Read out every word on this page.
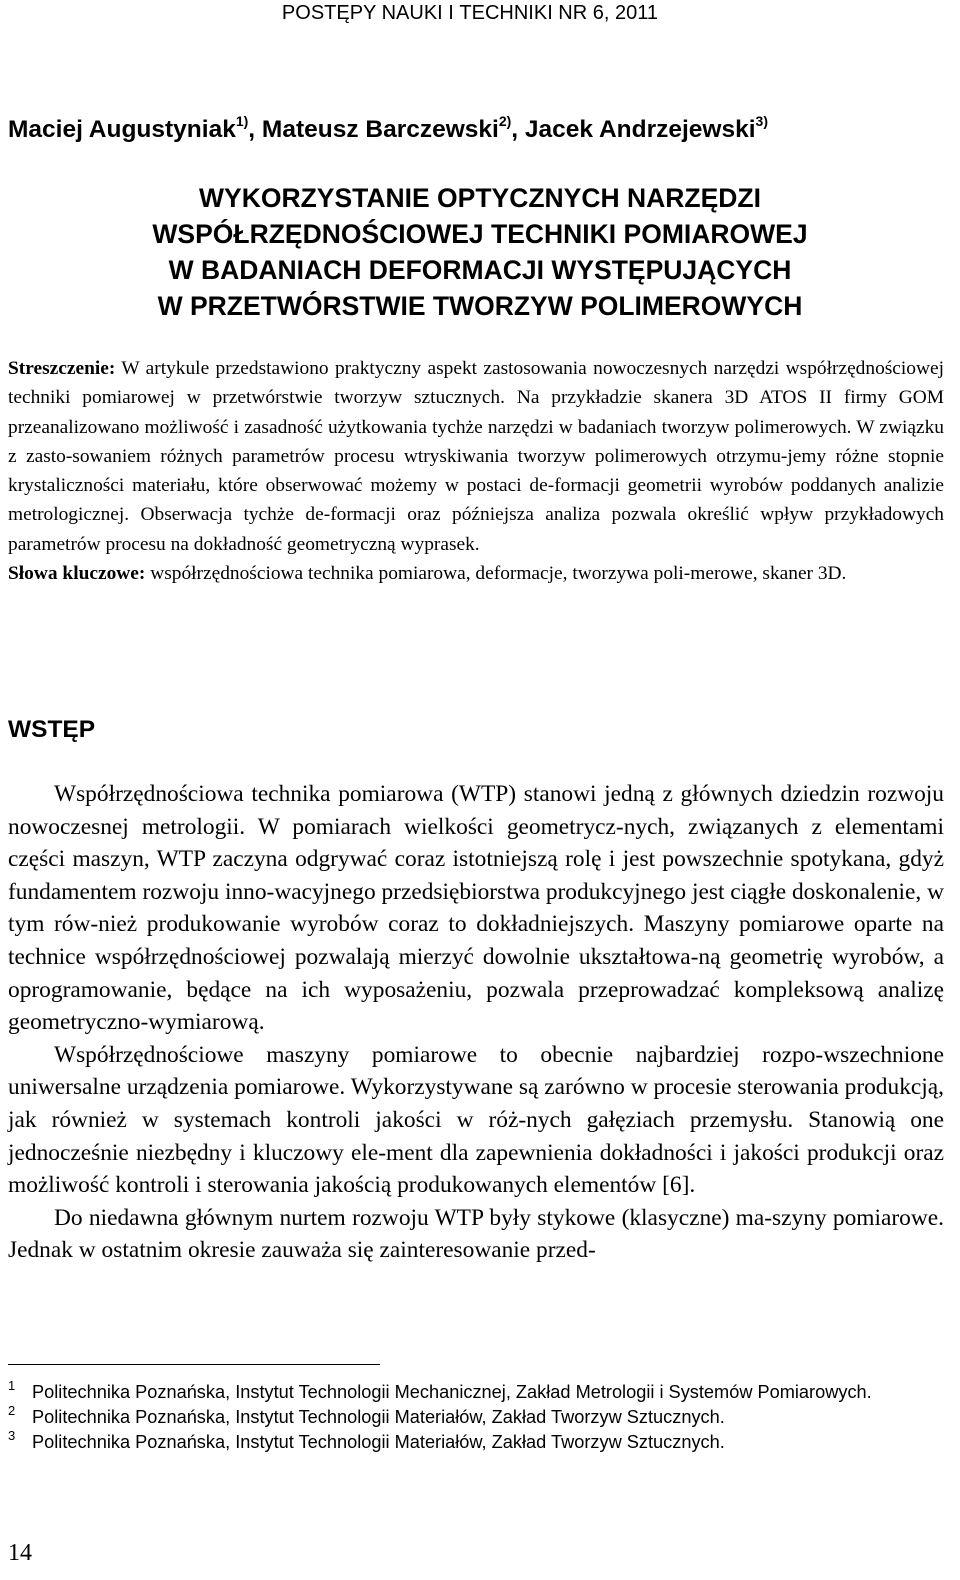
POSTĘPY NAUKI I TECHNIKI NR 6, 2011
Maciej Augustyniak$^{1)}$, Mateusz Barczewski$^{2)}$, Jacek Andrzejewski$^{3)}$
WYKORZYSTANIE OPTYCZNYCH NARZĘDZI
WSPÓŁRZĘDNOŚCIOWEJ TECHNIKI POMIAROWEJ
W BADANIACH DEFORMACJI WYSTĘPUJĄCYCH
W PRZETWÓRSTWIE TWORZYW POLIMEROWYCH

Streszczenie: W artykule przedstawiono praktyczny aspekt zastosowania nowoczesnych narzędzi współrzędnościowej techniki pomiarowej w przetwórstwie tworzyw sztucznych. Na przykładzie skanera 3D ATOS II firmy GOM przeanalizowano możliwość i zasadność użytkowania tychże narzędzi w badaniach tworzyw polimerowych. W związku z zasto-sowaniem różnych parametrów procesu wtryskiwania tworzyw polimerowych otrzymu-jemy różne stopnie krystaliczności materiału, które obserwować możemy w postaci de-formacji geometrii wyrobów poddanych analizie metrologicznej. Obserwacja tychże de-formacji oraz późniejsza analiza pozwala określić wpływ przykładowych parametrów procesu na dokładność geometryczną wyprasek.

Słowa kluczowe: współrzędnościowa technika pomiarowa, deformacje, tworzywa poli-merowe, skaner 3D.

WSTĘP

Współrzędnościowa technika pomiarowa (WTP) stanowi jedną z głównych dziedzin rozwoju nowoczesnej metrologii. W pomiarach wielkości geometrycz-nych, związanych z elementami części maszyn, WTP zaczyna odgrywać coraz istotniejszą rolę i jest powszechnie spotykana, gdyż fundamentem rozwoju inno-wacyjnego przedsiębiorstwa produkcyjnego jest ciągłe doskonalenie, w tym rów-nież produkowanie wyrobów coraz to dokładniejszych. Maszyny pomiarowe oparte na technice współrzędnościowej pozwalają mierzyć dowolnie ukształtowa-ną geometrię wyrobów, a oprogramowanie, będące na ich wyposażeniu, pozwala przeprowadzać kompleksową analizę geometryczno-wymiarową.

Współrzędnościowe maszyny pomiarowe to obecnie najbardziej rozpo-wszechnione uniwersalne urządzenia pomiarowe. Wykorzystywane są zarówno w procesie sterowania produkcją, jak również w systemach kontroli jakości w róż-nych gałęziach przemysłu. Stanowią one jednocześnie niezbędny i kluczowy ele-ment dla zapewnienia dokładności i jakości produkcji oraz możliwość kontroli i sterowania jakością produkowanych elementów [6].

Do niedawna głównym nurtem rozwoju WTP były stykowe (klasyczne) ma-szyny pomiarowe. Jednak w ostatnim okresie zauważa się zainteresowanie przed-

1 Politechnika Poznańska, Instytut Technologii Mechanicznej, Zakład Metrologii i Systemów Pomiarowych.

2 Politechnika Poznańska, Instytut Technologii Materiałów, Zakład Tworzyw Sztucznych.

3 Politechnika Poznańska, Instytut Technologii Materiałów, Zakład Tworzyw Sztucznych.

14
